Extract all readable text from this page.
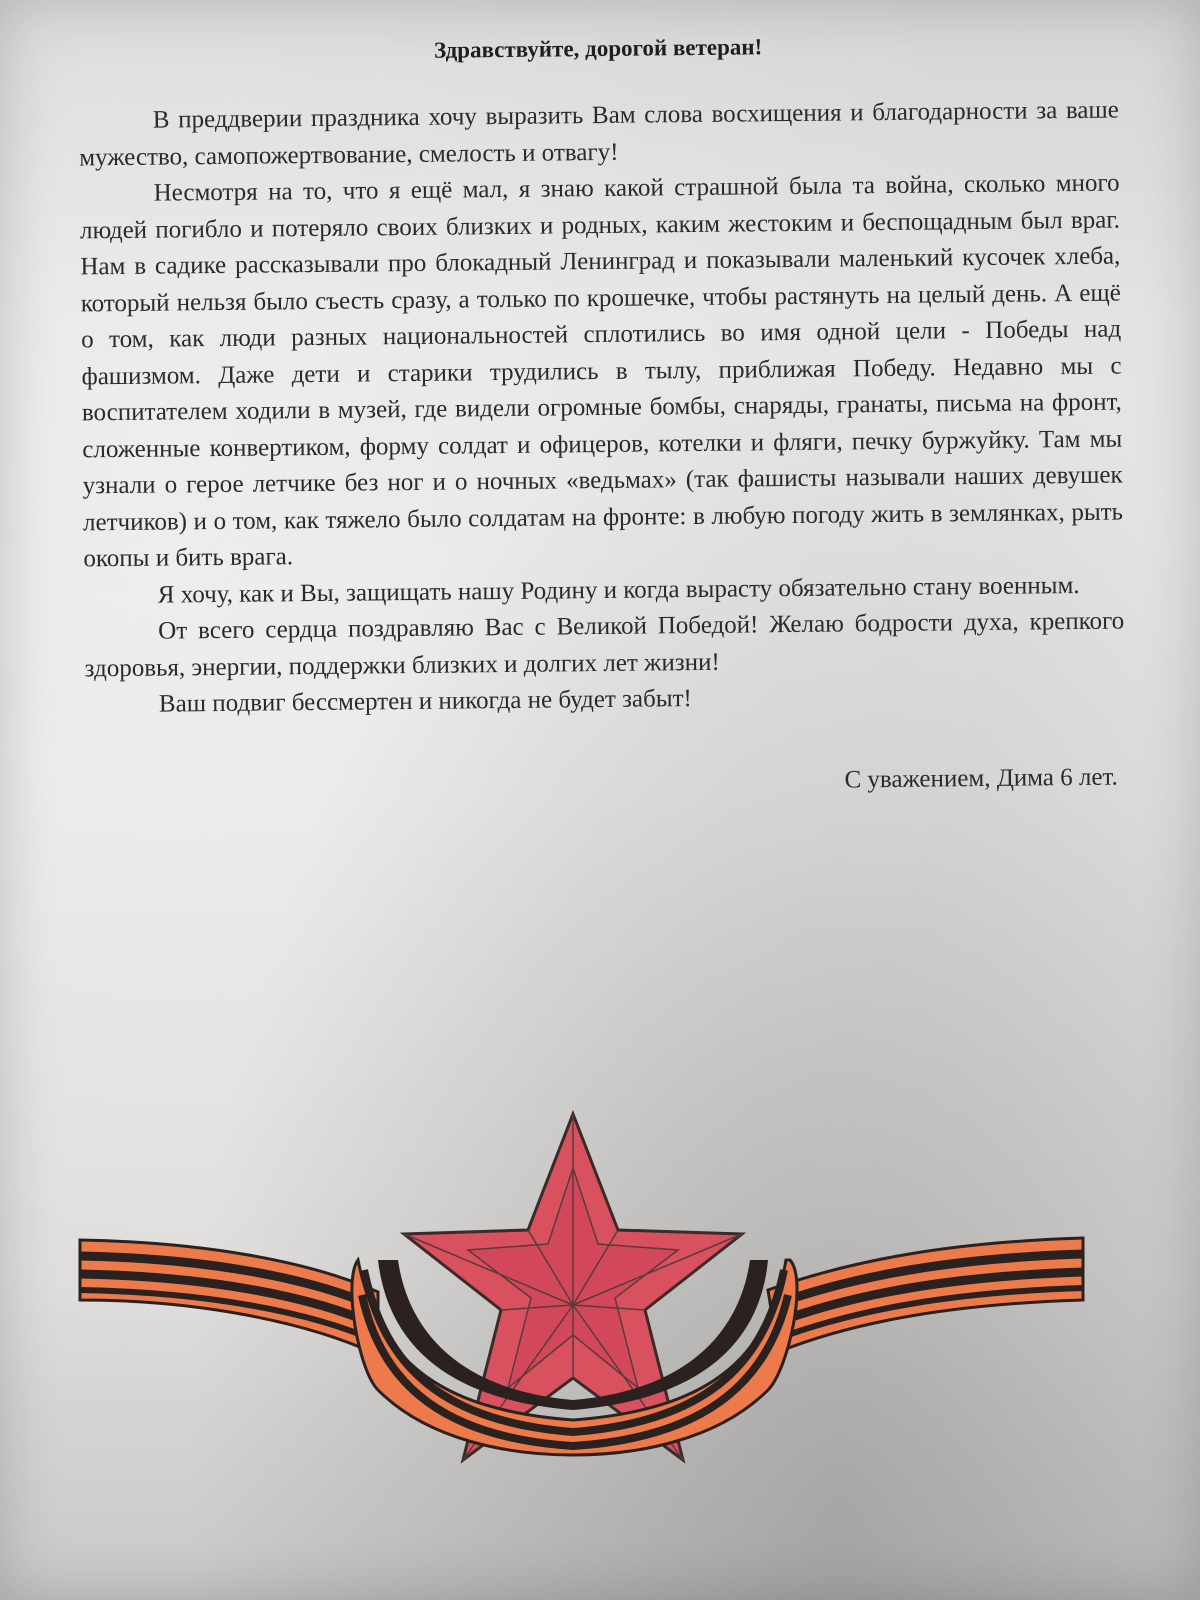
Здравствуйте, дорогой ветеран!

В преддверии праздника хочу выразить Вам слова восхищения и благодарности за ваше мужество, самопожертвование, смелость и отвагу!

Несмотря на то, что я ещё мал, я знаю какой страшной была та война, сколько много людей погибло и потеряло своих близких и родных, каким жестоким и беспощадным был враг. Нам в садике рассказывали про блокадный Ленинград и показывали маленький кусочек хлеба, который нельзя было съесть сразу, а только по крошечке, чтобы растянуть на целый день. А ещё о том, как люди разных национальностей сплотились во имя одной цели - Победы над фашизмом. Даже дети и старики трудились в тылу, приближая Победу. Недавно мы с воспитателем ходили в музей, где видели огромные бомбы, снаряды, гранаты, письма на фронт, сложенные конвертиком, форму солдат и офицеров, котелки и фляги, печку буржуйку. Там мы узнали о герое летчике без ног и о ночных «ведьмах» (так фашисты называли наших девушек летчиков) и о том, как тяжело было солдатам на фронте: в любую погоду жить в землянках, рыть окопы и бить врага.

Я хочу, как и Вы, защищать нашу Родину и когда вырасту обязательно стану военным.

От всего сердца поздравляю Вас с Великой Победой! Желаю бодрости духа, крепкого здоровья, энергии, поддержки близких и долгих лет жизни!

Ваш подвиг бессмертен и никогда не будет забыт!

С уважением, Дима 6 лет.
